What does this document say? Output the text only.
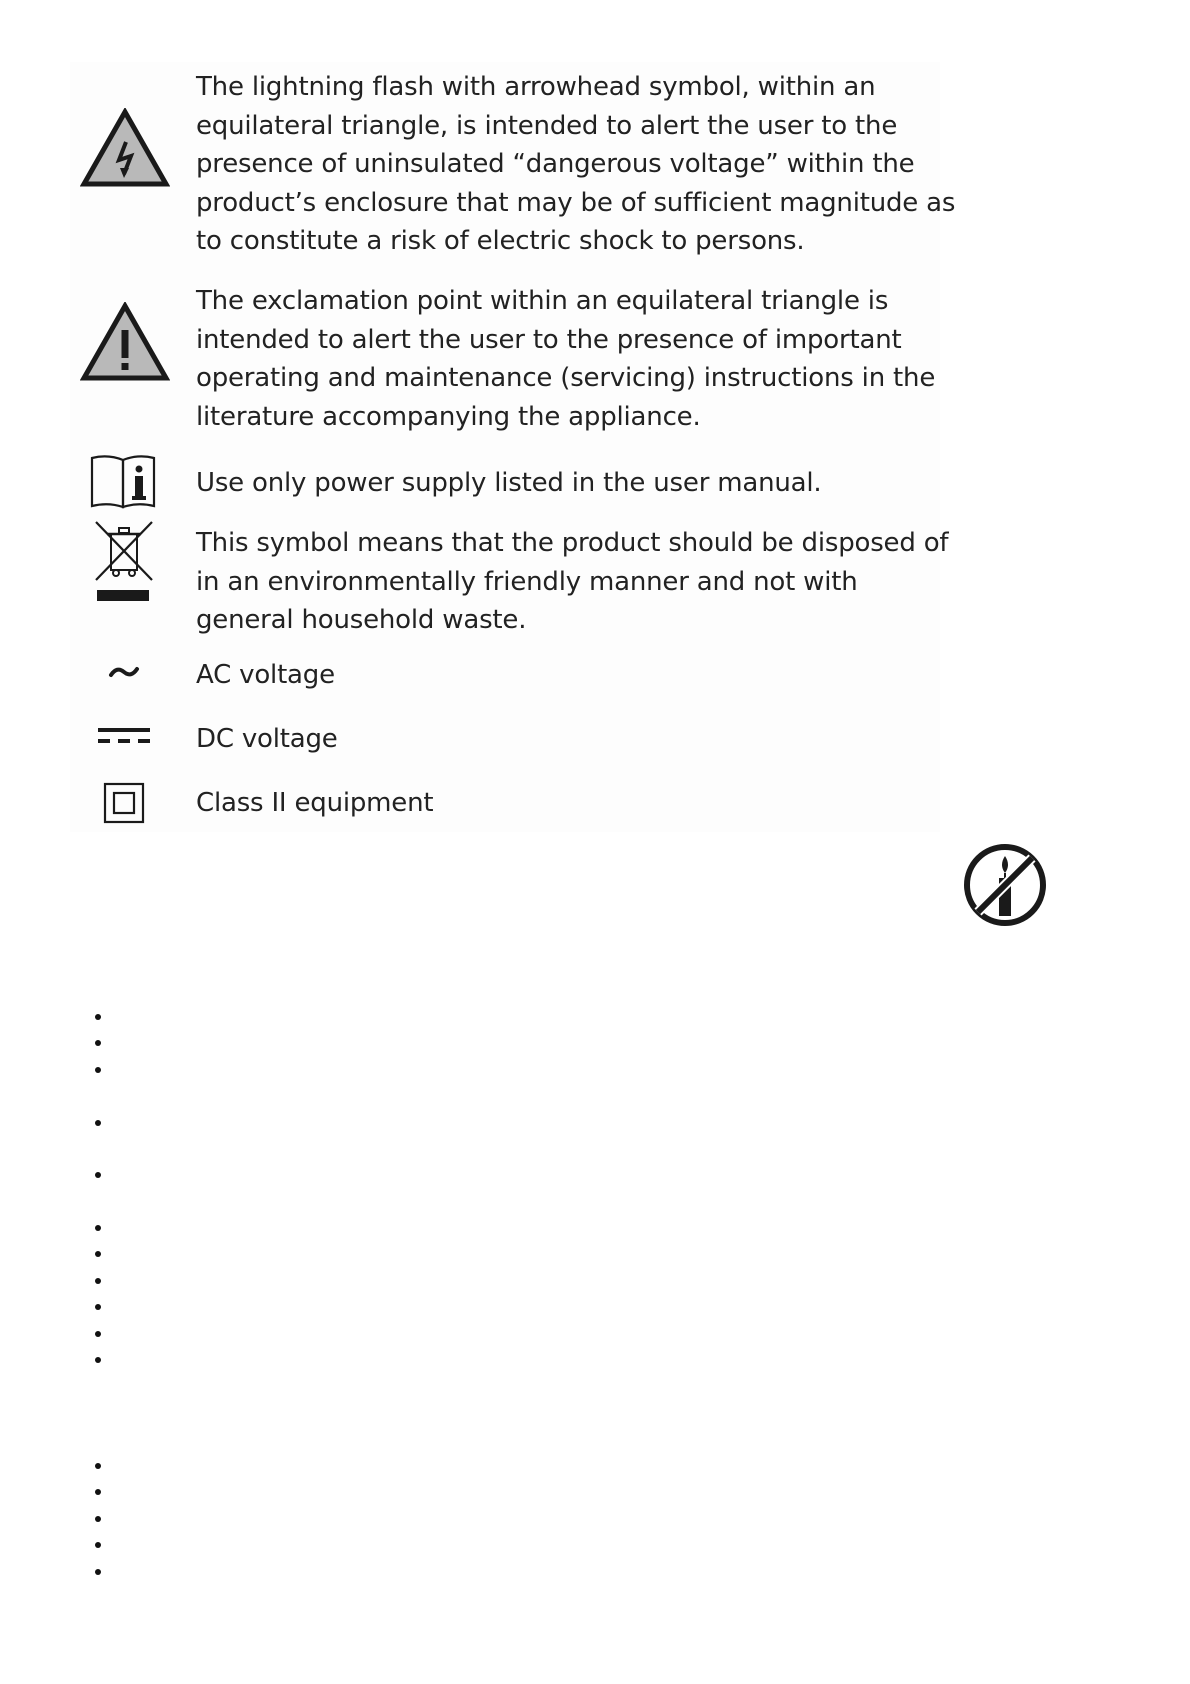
The lightning flash with arrowhead symbol, within an equilateral triangle, is intended to alert the user to the presence of uninsulated “dangerous voltage” within the product’s enclosure that may be of sufficient magnitude as to constitute a risk of electric shock to persons.
The exclamation point within an equilateral triangle is intended to alert the user to the presence of important operating and maintenance (servicing) instructions in the literature accompanying the appliance.
Use only power supply listed in the user manual.
This symbol means that the product should be disposed of in an environmentally friendly manner and not with general household waste.
AC voltage
DC voltage
Class II equipment
